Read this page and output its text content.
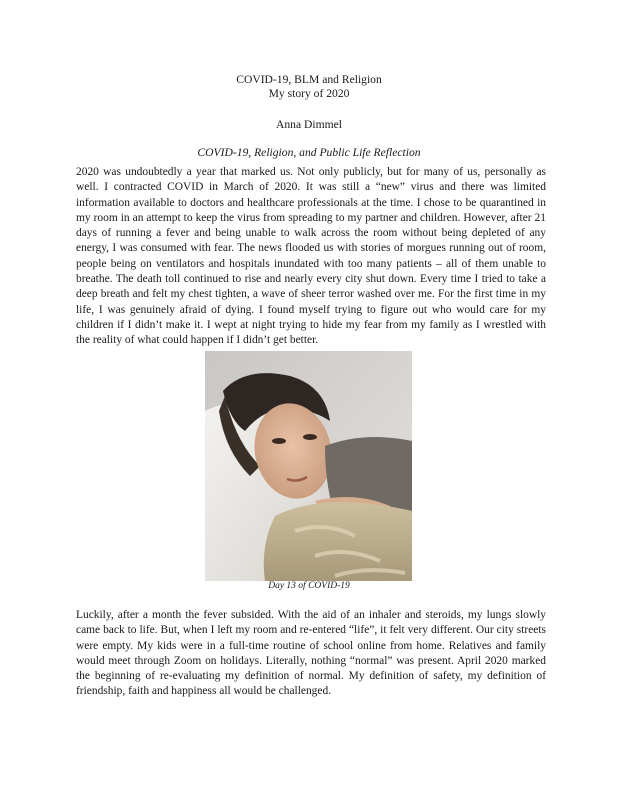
COVID-19, BLM and Religion
My story of 2020
Anna Dimmel
COVID-19, Religion, and Public Life Reflection

2020 was undoubtedly a year that marked us. Not only publicly, but for many of us, personally as well. I contracted COVID in March of 2020. It was still a “new” virus and there was limited information available to doctors and healthcare professionals at the time. I chose to be quarantined in my room in an attempt to keep the virus from spreading to my partner and children. However, after 21 days of running a fever and being unable to walk across the room without being depleted of any energy, I was consumed with fear. The news flooded us with stories of morgues running out of room, people being on ventilators and hospitals inundated with too many patients – all of them unable to breathe. The death toll continued to rise and nearly every city shut down. Every time I tried to take a deep breath and felt my chest tighten, a wave of sheer terror washed over me. For the first time in my life, I was genuinely afraid of dying. I found myself trying to figure out who would care for my children if I didn’t make it. I wept at night trying to hide my fear from my family as I wrestled with the reality of what could happen if I didn’t get better.

Day 13 of COVID-19

Luckily, after a month the fever subsided. With the aid of an inhaler and steroids, my lungs slowly came back to life. But, when I left my room and re-entered “life”, it felt very different. Our city streets were empty. My kids were in a full-time routine of school online from home. Relatives and family would meet through Zoom on holidays. Literally, nothing “normal” was present. April 2020 marked the beginning of re-evaluating my definition of normal. My definition of safety, my definition of friendship, faith and happiness all would be challenged.
